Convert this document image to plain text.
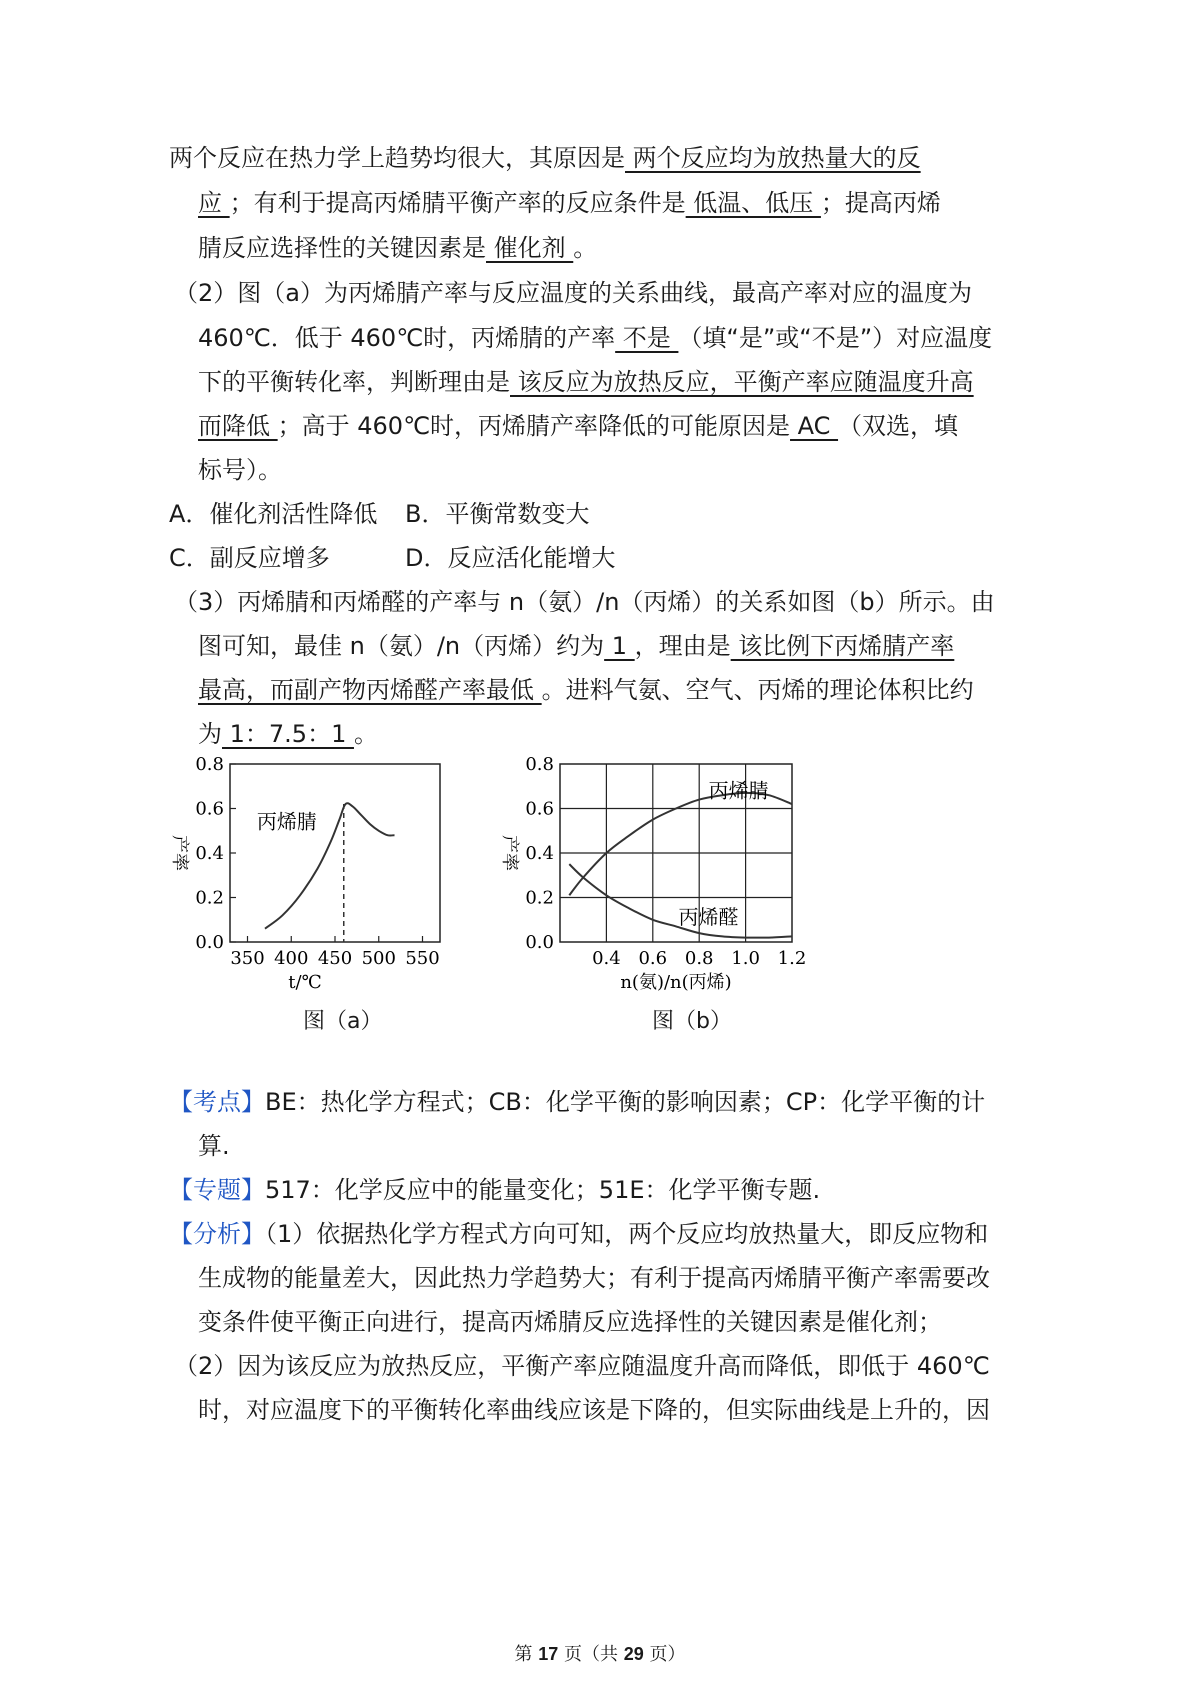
两个反应在热力学上趋势均很大，其原因是 两个反应均为放热量大的反
应 ；有利于提高丙烯腈平衡产率的反应条件是 低温、低压 ；提高丙烯
腈反应选择性的关键因素是 催化剂 。
（2）图（a）为丙烯腈产率与反应温度的关系曲线，最高产率对应的温度为
460℃．低于 460℃时，丙烯腈的产率 不是 （填“是”或“不是”）对应温度
下的平衡转化率，判断理由是 该反应为放热反应，平衡产率应随温度升高
而降低 ；高于 460℃时，丙烯腈产率降低的可能原因是 AC （双选，填
标号）。
A．催化剂活性降低 B．平衡常数变大
C．副反应增多	D．反应活化能增大
（3）丙烯腈和丙烯醛的产率与 n（氨）/n（丙烯）的关系如图（b）所示。由
图可知，最佳 n（氨）/n（丙烯）约为 1 ，理由是 该比例下丙烯腈产率
最高，而副产物丙烯醛产率最低 。进料气氨、空气、丙烯的理论体积比约
为 1：7.5：1 。
0.0
0.2
0.4
0.6
0.8
350 400 450 500 550
t/℃
产率
丙烯腈
图（a）
0.0
0.2
0.4
0.6
0.8
0.4 0.6 0.8 1.0 1.2
n(氨)/n(丙烯)
产率
丙烯腈
丙烯醛
图（b）
【考点】BE：热化学方程式；CB：化学平衡的影响因素；CP：化学平衡的计
算.
【专题】517：化学反应中的能量变化；51E：化学平衡专题.
【分析】（1）依据热化学方程式方向可知，两个反应均放热量大，即反应物和
生成物的能量差大，因此热力学趋势大；有利于提高丙烯腈平衡产率需要改
变条件使平衡正向进行，提高丙烯腈反应选择性的关键因素是催化剂；
（2）因为该反应为放热反应，平衡产率应随温度升高而降低，即低于 460℃
时，对应温度下的平衡转化率曲线应该是下降的，但实际曲线是上升的，因
第 17 页（共 29 页）
